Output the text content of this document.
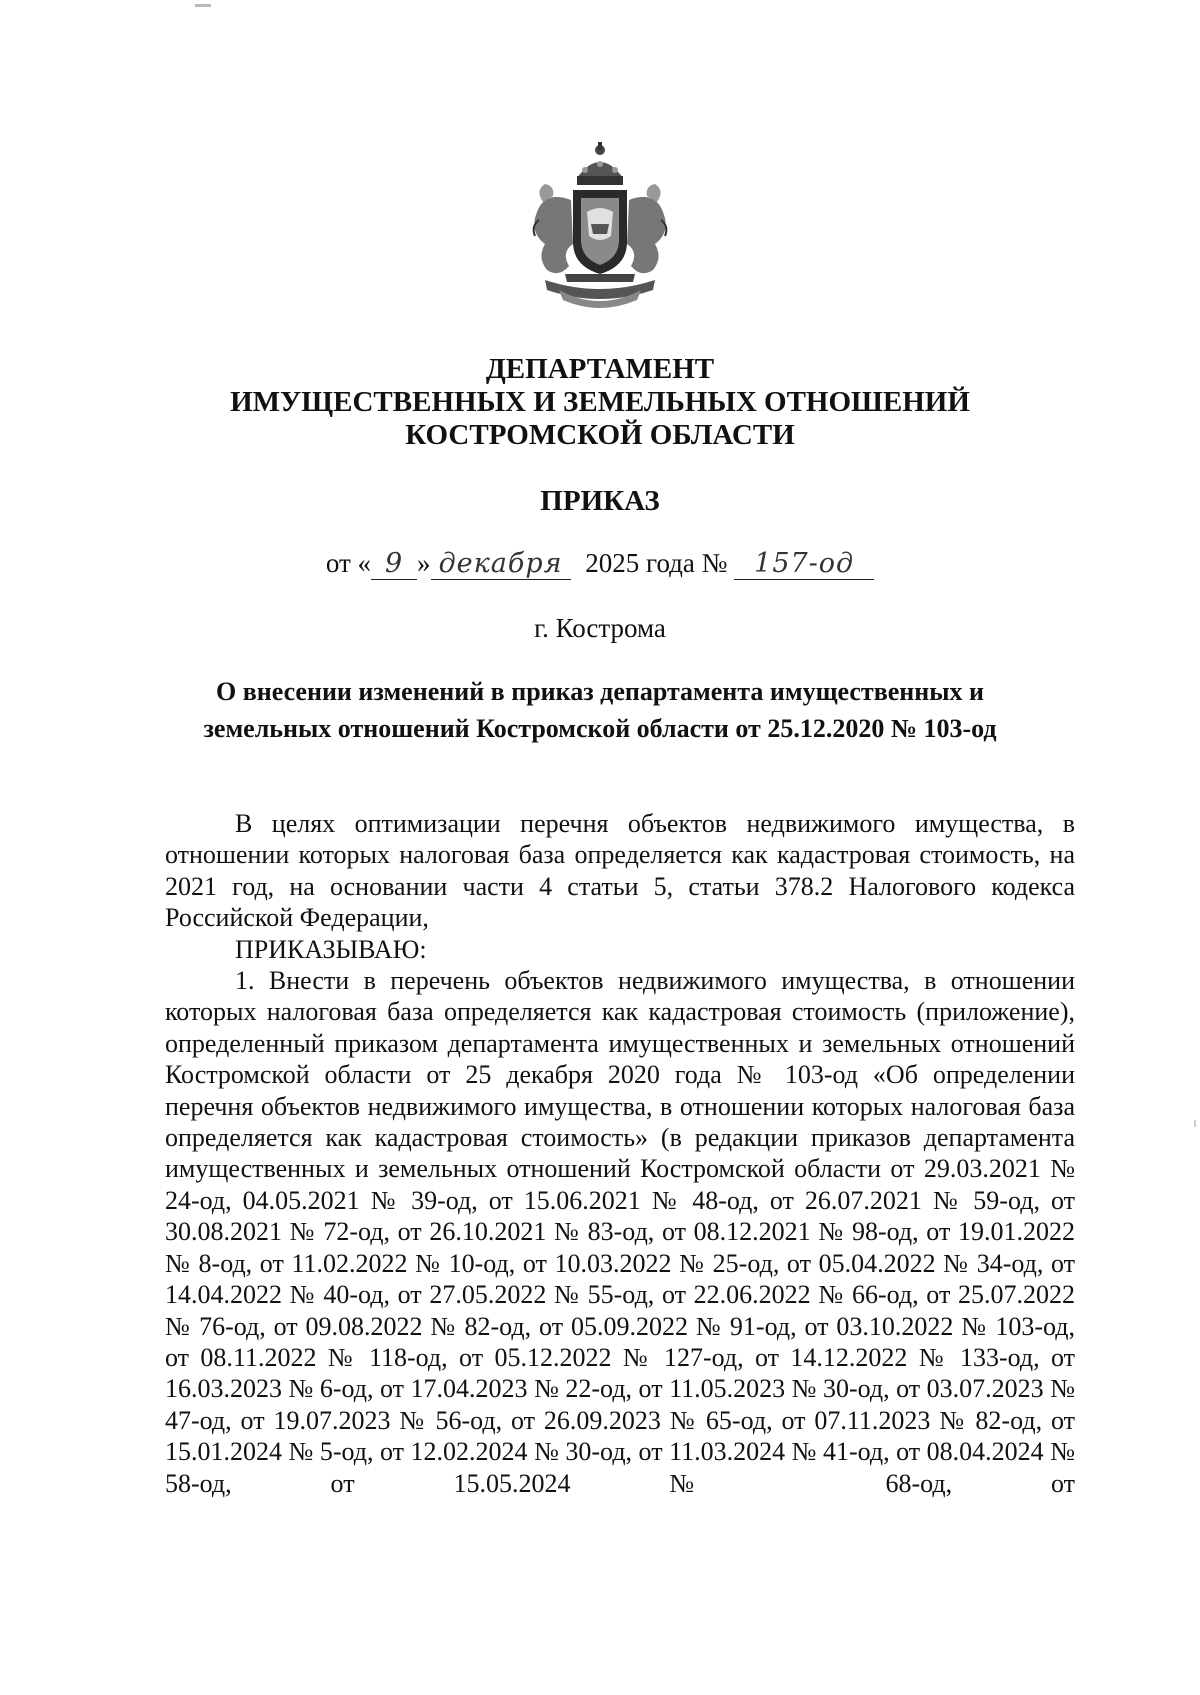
ДЕПАРТАМЕНТ
ИМУЩЕСТВЕННЫХ И ЗЕМЕЛЬНЫХ ОТНОШЕНИЙ
КОСТРОМСКОЙ ОБЛАСТИ
ПРИКАЗ
от « 9 » декабря 2025 года № 157-од
г. Кострома
О внесении изменений в приказ департамента имущественных и
земельных отношений Костромской области от 25.12.2020 № 103-од

В целях оптимизации перечня объектов недвижимого имущества, в отношении которых налоговая база определяется как кадастровая стоимость, на 2021 год, на основании части 4 статьи 5, статьи 378.2 Налогового кодекса Российской Федерации,

ПРИКАЗЫВАЮ:

1. Внести в перечень объектов недвижимого имущества, в отношении которых налоговая база определяется как кадастровая стоимость (приложение), определенный приказом департамента имущественных и земельных отношений Костромской области от 25 декабря 2020 года № 103-од «Об определении перечня объектов недвижимого имущества, в отношении которых налоговая база определяется как кадастровая стоимость» (в редакции приказов департамента имущественных и земельных отношений Костромской области от 29.03.2021 № 24-од, 04.05.2021 № 39-од, от 15.06.2021 № 48-од, от 26.07.2021 № 59-од, от 30.08.2021 № 72-од, от 26.10.2021 № 83-од, от 08.12.2021 № 98-од, от 19.01.2022 № 8-од, от 11.02.2022 № 10-од, от 10.03.2022 № 25-од, от 05.04.2022 № 34-од, от 14.04.2022 № 40-од, от 27.05.2022 № 55-од, от 22.06.2022 № 66-од, от 25.07.2022 № 76-од, от 09.08.2022 № 82-од, от 05.09.2022 № 91-од, от 03.10.2022 № 103-од, от 08.11.2022 № 118-од, от 05.12.2022 № 127-од, от 14.12.2022 № 133-од, от 16.03.2023 № 6-од, от 17.04.2023 № 22-од, от 11.05.2023 № 30-од, от 03.07.2023 № 47-од, от 19.07.2023 № 56-од, от 26.09.2023 № 65-од, от 07.11.2023 № 82-од, от 15.01.2024 № 5-од, от 12.02.2024 № 30-од, от 11.03.2024 № 41-од, от 08.04.2024 № 58-од, от 15.05.2024 № 68-од, от
